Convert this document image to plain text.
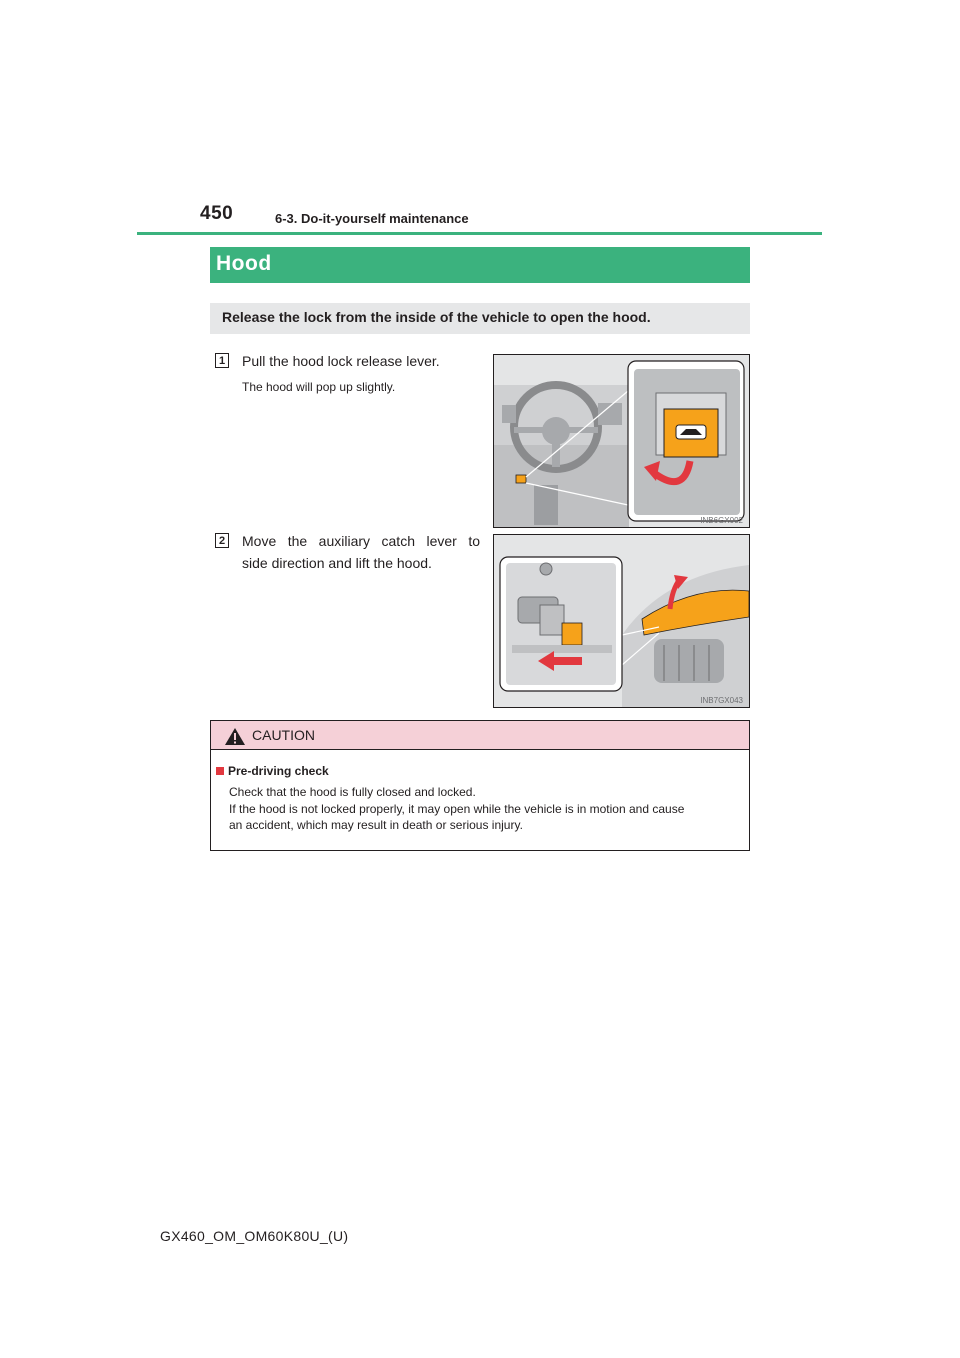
450	6-3. Do-it-yourself maintenance
Hood
Release the lock from the inside of the vehicle to open the hood.
1 Pull the hood lock release lever.
The hood will pop up slightly.
INB6GX002
2 Move the auxiliary catch lever to
side direction and lift the hood.
INB7GX043
CAUTION
Pre-driving check
Check that the hood is fully closed and locked.
If the hood is not locked properly, it may open while the vehicle is in motion and cause
an accident, which may result in death or serious injury.
GX460_OM_OM60K80U_(U)
